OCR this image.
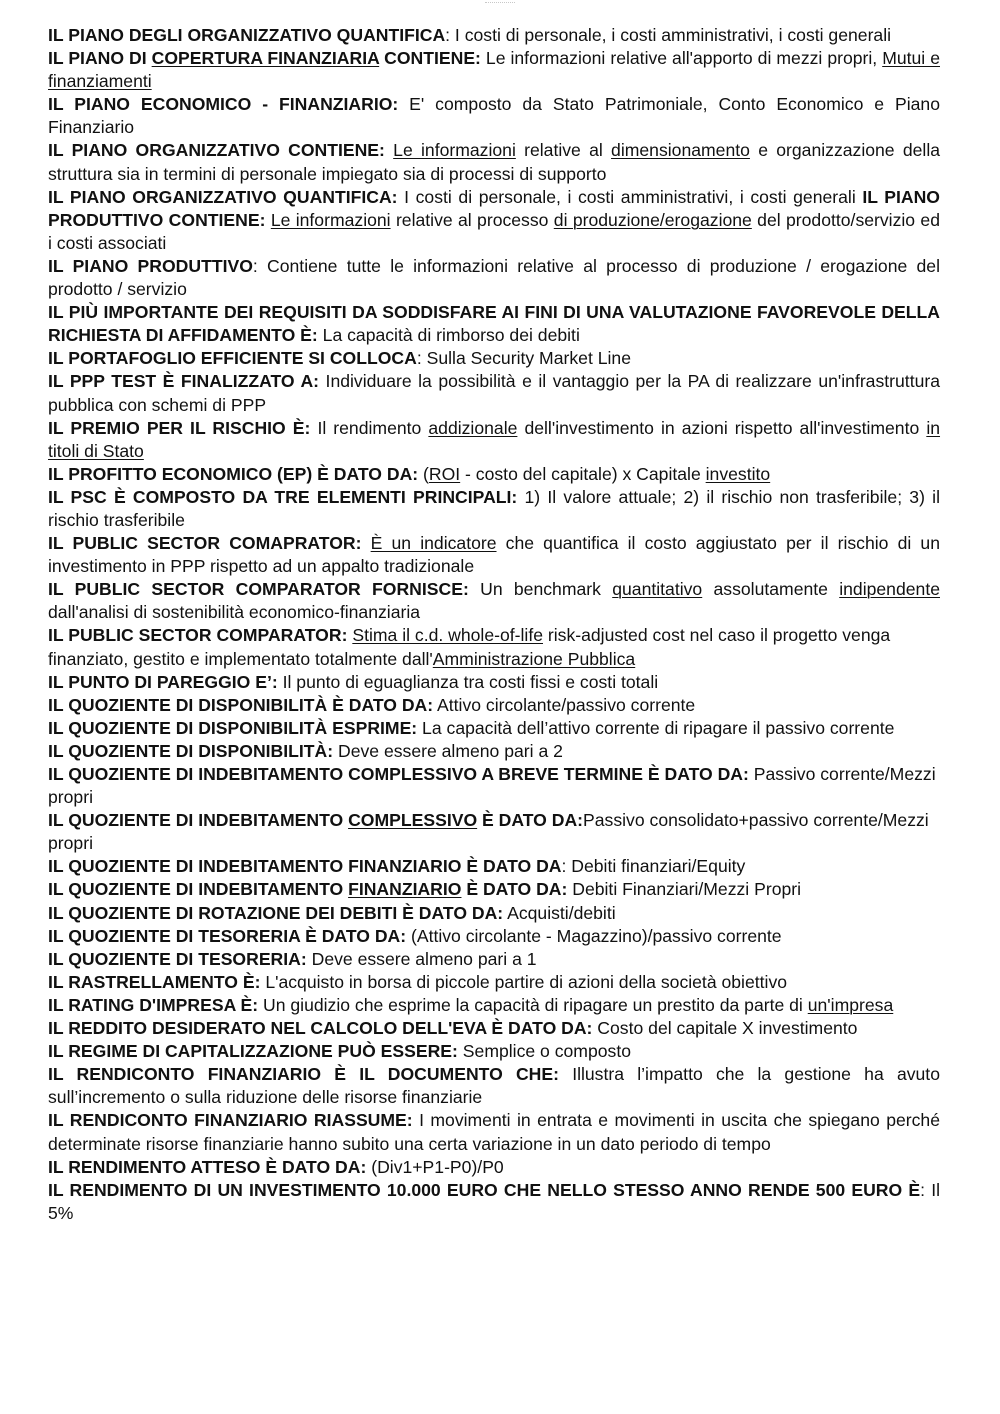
IL PIANO DEGLI ORGANIZZATIVO QUANTIFICA: I costi di personale, i costi amministrativi, i costi generali

IL PIANO DI COPERTURA FINANZIARIA CONTIENE: Le informazioni relative all'apporto di mezzi propri, Mutui e finanziamenti

IL PIANO ECONOMICO - FINANZIARIO: E' composto da Stato Patrimoniale, Conto Economico e Piano Finanziario

IL PIANO ORGANIZZATIVO CONTIENE: Le informazioni relative al dimensionamento e organizzazione della struttura sia in termini di personale impiegato sia di processi di supporto

IL PIANO ORGANIZZATIVO QUANTIFICA: I costi di personale, i costi amministrativi, i costi generali IL PIANO PRODUTTIVO CONTIENE: Le informazioni relative al processo di produzione/erogazione del prodotto/servizio ed i costi associati

IL PIANO PRODUTTIVO: Contiene tutte le informazioni relative al processo di produzione / erogazione del prodotto / servizio

IL PIÙ IMPORTANTE DEI REQUISITI DA SODDISFARE AI FINI DI UNA VALUTAZIONE FAVOREVOLE DELLA RICHIESTA DI AFFIDAMENTO È: La capacità di rimborso dei debiti

IL PORTAFOGLIO EFFICIENTE SI COLLOCA: Sulla Security Market Line

IL PPP TEST È FINALIZZATO A: Individuare la possibilità e il vantaggio per la PA di realizzare un'infrastruttura pubblica con schemi di PPP

IL PREMIO PER IL RISCHIO È: Il rendimento addizionale dell'investimento in azioni rispetto all'investimento in titoli di Stato

IL PROFITTO ECONOMICO (EP) È DATO DA: (ROI - costo del capitale) x Capitale investito

IL PSC È COMPOSTO DA TRE ELEMENTI PRINCIPALI: 1) Il valore attuale; 2) il rischio non trasferibile; 3) il rischio trasferibile

IL PUBLIC SECTOR COMAPRATOR: È un indicatore che quantifica il costo aggiustato per il rischio di un investimento in PPP rispetto ad un appalto tradizionale

IL PUBLIC SECTOR COMPARATOR FORNISCE: Un benchmark quantitativo assolutamente indipendente dall'analisi di sostenibilità economico-finanziaria

IL PUBLIC SECTOR COMPARATOR: Stima il c.d. whole-of-life risk-adjusted cost nel caso il progetto venga finanziato, gestito e implementato totalmente dall'Amministrazione Pubblica

IL PUNTO DI PAREGGIO E’: Il punto di eguaglianza tra costi fissi e costi totali

IL QUOZIENTE DI DISPONIBILITÀ È DATO DA: Attivo circolante/passivo corrente

IL QUOZIENTE DI DISPONIBILITÀ ESPRIME: La capacità dell’attivo corrente di ripagare il passivo corrente

IL QUOZIENTE DI DISPONIBILITÀ: Deve essere almeno pari a 2

IL QUOZIENTE DI INDEBITAMENTO COMPLESSIVO A BREVE TERMINE È DATO DA: Passivo corrente/Mezzi propri

IL QUOZIENTE DI INDEBITAMENTO COMPLESSIVO È DATO DA:Passivo consolidato+passivo corrente/Mezzi propri

IL QUOZIENTE DI INDEBITAMENTO FINANZIARIO È DATO DA: Debiti finanziari/Equity

IL QUOZIENTE DI INDEBITAMENTO FINANZIARIO È DATO DA: Debiti Finanziari/Mezzi Propri

IL QUOZIENTE DI ROTAZIONE DEI DEBITI È DATO DA: Acquisti/debiti

IL QUOZIENTE DI TESORERIA È DATO DA: (Attivo circolante - Magazzino)/passivo corrente

IL QUOZIENTE DI TESORERIA: Deve essere almeno pari a 1

IL RASTRELLAMENTO È: L'acquisto in borsa di piccole partire di azioni della società obiettivo

IL RATING D'IMPRESA È: Un giudizio che esprime la capacità di ripagare un prestito da parte di un'impresa

IL REDDITO DESIDERATO NEL CALCOLO DELL'EVA È DATO DA: Costo del capitale X investimento

IL REGIME DI CAPITALIZZAZIONE PUÒ ESSERE: Semplice o composto

IL RENDICONTO FINANZIARIO È IL DOCUMENTO CHE: Illustra l’impatto che la gestione ha avuto sull’incremento o sulla riduzione delle risorse finanziarie

IL RENDICONTO FINANZIARIO RIASSUME: I movimenti in entrata e movimenti in uscita che spiegano perché determinate risorse finanziarie hanno subito una certa variazione in un dato periodo di tempo

IL RENDIMENTO ATTESO È DATO DA: (Div1+P1-P0)/P0

IL RENDIMENTO DI UN INVESTIMENTO 10.000 EURO CHE NELLO STESSO ANNO RENDE 500 EURO È: Il 5%
